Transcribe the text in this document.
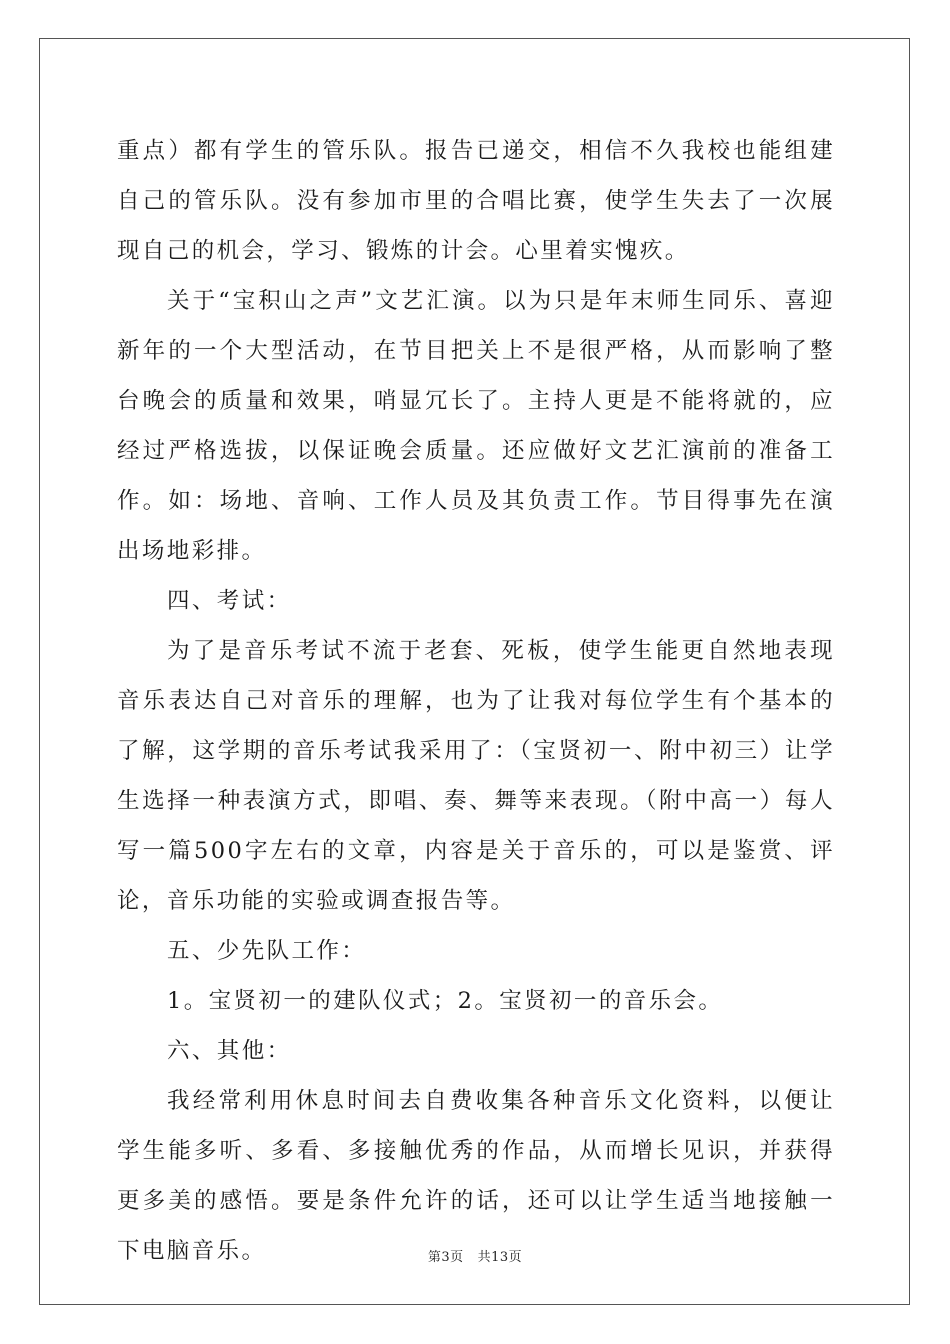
重点）都有学生的管乐队。报告已递交，相信不久我校也能组建自己的管乐队。没有参加市里的合唱比赛，使学生失去了一次展现自己的机会，学习、锻炼的计会。心里着实愧疚。

关于“宝积山之声”文艺汇演。以为只是年末师生同乐、喜迎新年的一个大型活动，在节目把关上不是很严格，从而影响了整台晚会的质量和效果，哨显冗长了。主持人更是不能将就的，应经过严格选拔，以保证晚会质量。还应做好文艺汇演前的准备工作。如：场地、音响、工作人员及其负责工作。节目得事先在演出场地彩排。

四、考试：

为了是音乐考试不流于老套、死板，使学生能更自然地表现音乐表达自己对音乐的理解，也为了让我对每位学生有个基本的了解，这学期的音乐考试我采用了：（宝贤初一、附中初三）让学生选择一种表演方式，即唱、奏、舞等来表现。（附中高一）每人写一篇500字左右的文章，内容是关于音乐的，可以是鉴赏、评论，音乐功能的实验或调查报告等。

五、少先队工作：

1。宝贤初一的建队仪式；2。宝贤初一的音乐会。

六、其他：

我经常利用休息时间去自费收集各种音乐文化资料，以便让学生能多听、多看、多接触优秀的作品，从而增长见识，并获得更多美的感悟。要是条件允许的话，还可以让学生适当地接触一下电脑音乐。	第3页 共13页
